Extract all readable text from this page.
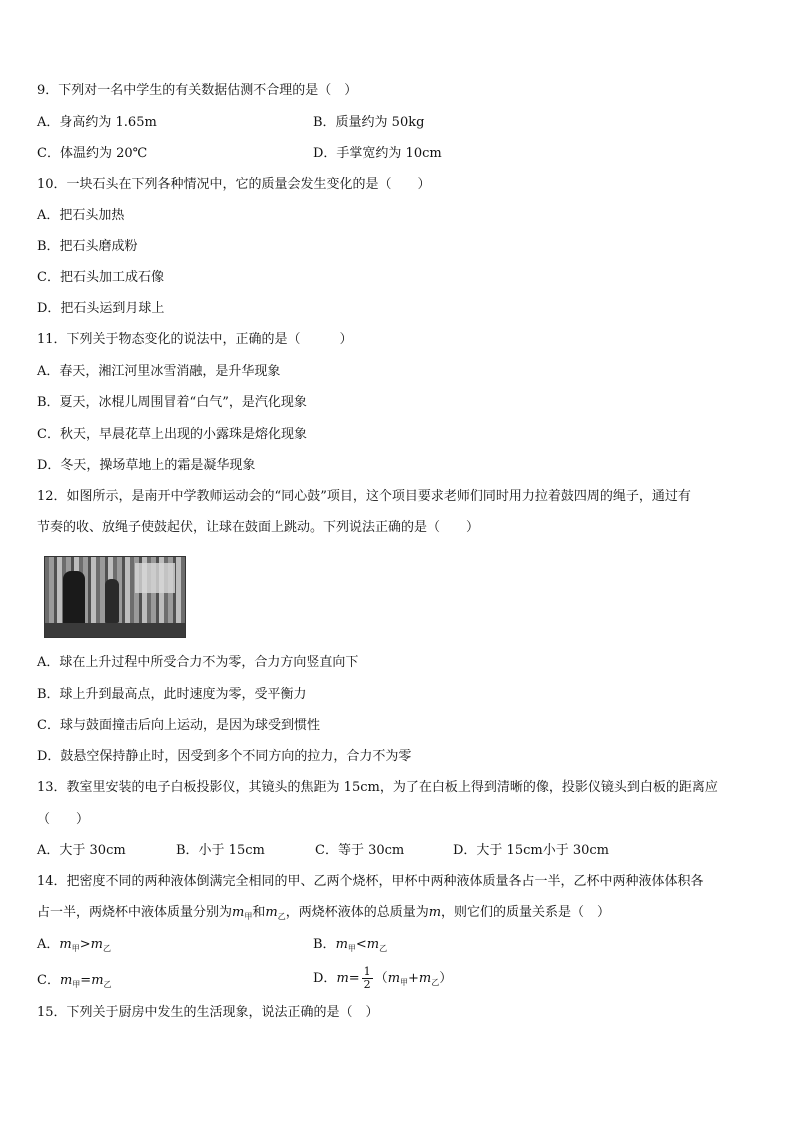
9．下列对一名中学生的有关数据估测不合理的是（　）
A．身高约为 1.65m	B．质量约为 50kg
C．体温约为 20℃	D．手掌宽约为 10cm
10．一块石头在下列各种情况中，它的质量会发生变化的是（　　）
A．把石头加热
B．把石头磨成粉
C．把石头加工成石像
D．把石头运到月球上
11．下列关于物态变化的说法中，正确的是（　　　）
A．春天，湘江河里冰雪消融，是升华现象
B．夏天，冰棍儿周围冒着“白气”，是汽化现象
C．秋天，早晨花草上出现的小露珠是熔化现象
D．冬天，操场草地上的霜是凝华现象
12．如图所示，是南开中学教师运动会的“同心鼓”项目，这个项目要求老师们同时用力拉着鼓四周的绳子，通过有
节奏的收、放绳子使鼓起伏，让球在鼓面上跳动。下列说法正确的是（　　）
A．球在上升过程中所受合力不为零，合力方向竖直向下
B．球上升到最高点，此时速度为零，受平衡力
C．球与鼓面撞击后向上运动，是因为球受到惯性
D．鼓悬空保持静止时，因受到多个不同方向的拉力，合力不为零
13．教室里安装的电子白板投影仪，其镜头的焦距为 15cm，为了在白板上得到清晰的像，投影仪镜头到白板的距离应
（　　）
A．大于 30cm	B．小于 15cm	C．等于 30cm	D．大于 15cm小于 30cm
14．把密度不同的两种液体倒满完全相同的甲、乙两个烧杯，甲杯中两种液体质量各占一半，乙杯中两种液体体积各
占一半，两烧杯中液体质量分别为$m_甲$和$m_乙$，两烧杯液体的总质量为m，则它们的质量关系是（　）
A．$m_甲>m_乙$	B．$m_甲<m_乙$
C．$m_甲=m_乙$	D．$m= \frac{1}{2} (m_甲+m_乙)$
15．下列关于厨房中发生的生活现象，说法正确的是（　）
